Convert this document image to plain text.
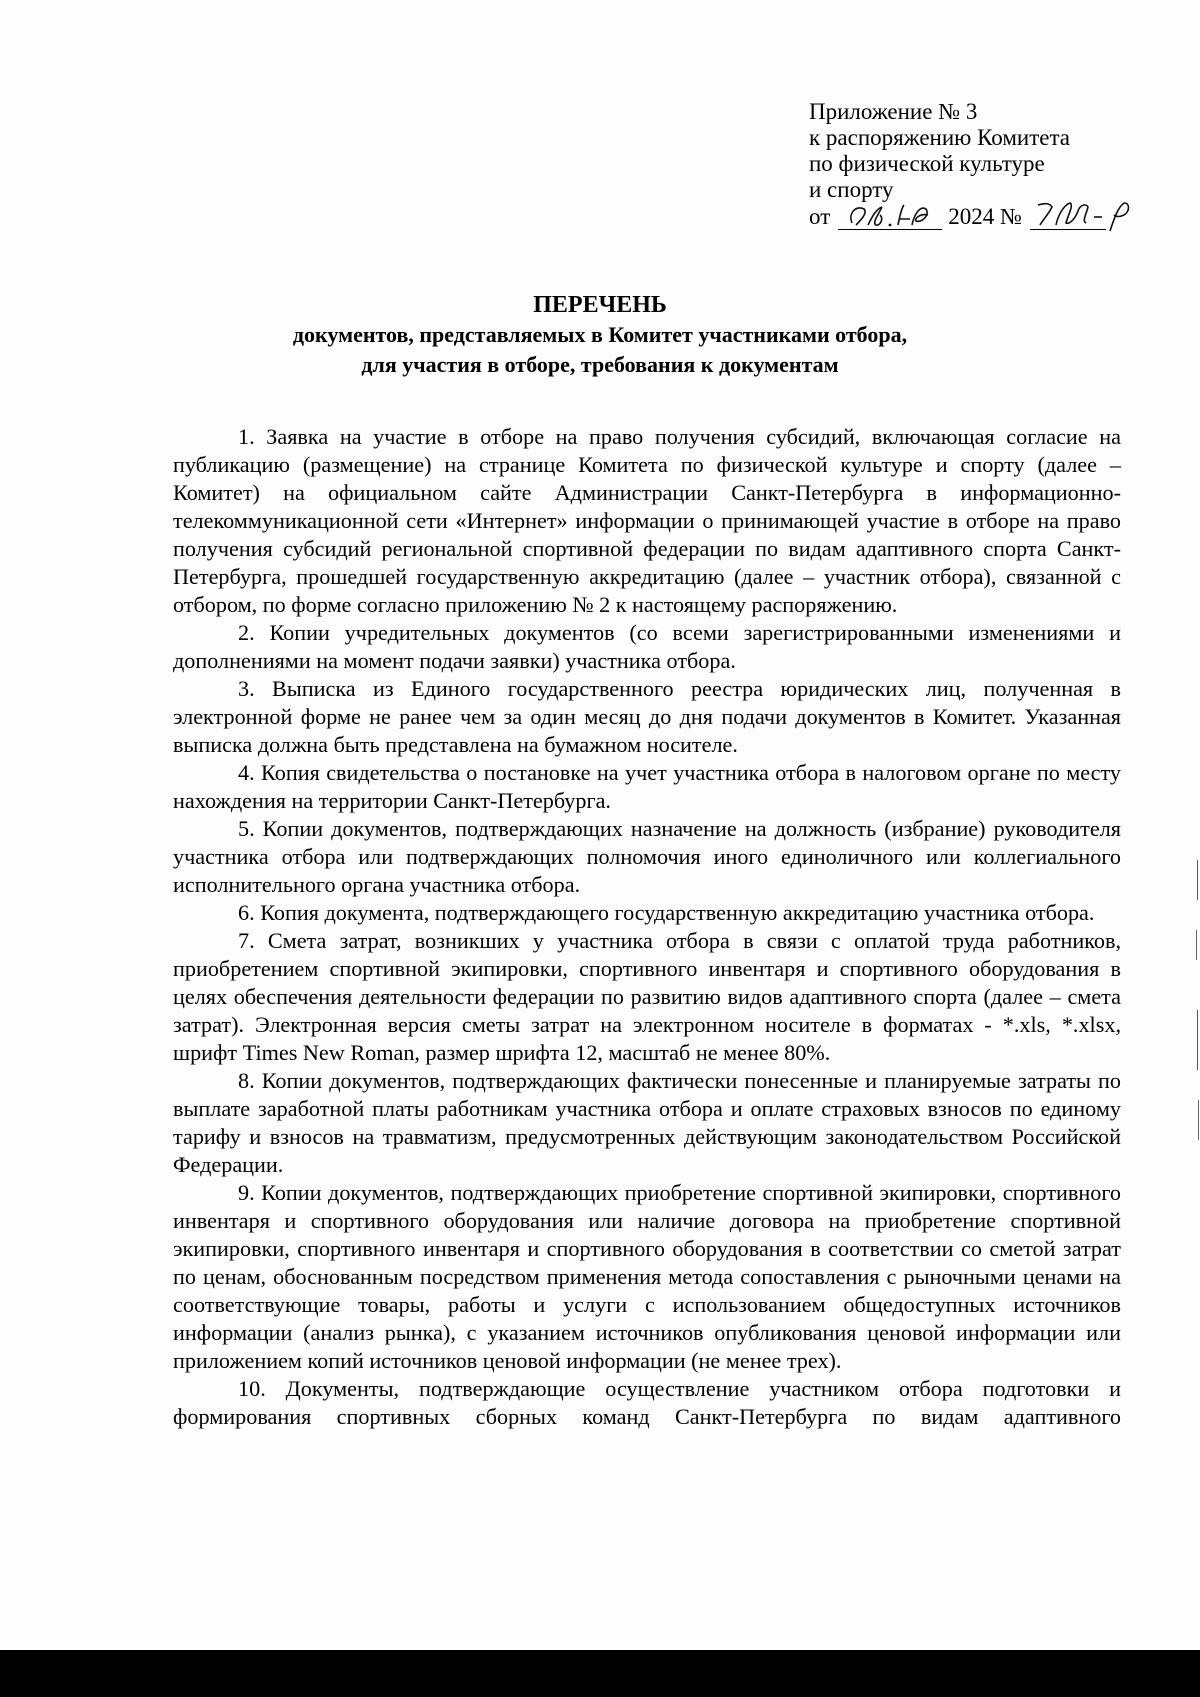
Приложение № 3
к распоряжению Комитета
по физической культуре
и спорту
от	2024 №
ПЕРЕЧЕНЬ
документов, представляемых в Комитет участниками отбора,
для участия в отборе, требования к документам

1. Заявка на участие в отборе на право получения субсидий, включающая согласие на публикацию (размещение) на странице Комитета по физической культуре и спорту (далее – Комитет) на официальном сайте Администрации Санкт-Петербурга в информационно-телекоммуникационной сети «Интернет» информации о принимающей участие в отборе на право получения субсидий региональной спортивной федерации по видам адаптивного спорта Санкт-Петербурга, прошедшей государственную аккредитацию (далее – участник отбора), связанной с отбором, по форме согласно приложению № 2 к настоящему распоряжению.

2. Копии учредительных документов (со всеми зарегистрированными изменениями и дополнениями на момент подачи заявки) участника отбора.

3. Выписка из Единого государственного реестра юридических лиц, полученная в электронной форме не ранее чем за один месяц до дня подачи документов в Комитет. Указанная выписка должна быть представлена на бумажном носителе.

4. Копия свидетельства о постановке на учет участника отбора в налоговом органе по месту нахождения на территории Санкт-Петербурга.

5. Копии документов, подтверждающих назначение на должность (избрание) руководителя участника отбора или подтверждающих полномочия иного единоличного или коллегиального исполнительного органа участника отбора.

6. Копия документа, подтверждающего государственную аккредитацию участника отбора.

7. Смета затрат, возникших у участника отбора в связи с оплатой труда работников, приобретением спортивной экипировки, спортивного инвентаря и спортивного оборудования в целях обеспечения деятельности федерации по развитию видов адаптивного спорта (далее – смета затрат). Электронная версия сметы затрат на электронном носителе в форматах - *.xls, *.xlsx, шрифт Times New Roman, размер шрифта 12, масштаб не менее 80%.

8. Копии документов, подтверждающих фактически понесенные и планируемые затраты по выплате заработной платы работникам участника отбора и оплате страховых взносов по единому тарифу и взносов на травматизм, предусмотренных действующим законодательством Российской Федерации.

9. Копии документов, подтверждающих приобретение спортивной экипировки, спортивного инвентаря и спортивного оборудования или наличие договора на приобретение спортивной экипировки, спортивного инвентаря и спортивного оборудования в соответствии со сметой затрат по ценам, обоснованным посредством применения метода сопоставления с рыночными ценами на соответствующие товары, работы и услуги с использованием общедоступных источников информации (анализ рынка), с указанием источников опубликования ценовой информации или приложением копий источников ценовой информации (не менее трех).

10. Документы, подтверждающие осуществление участником отбора подготовки и формирования спортивных сборных команд Санкт-Петербурга по видам адаптивного
